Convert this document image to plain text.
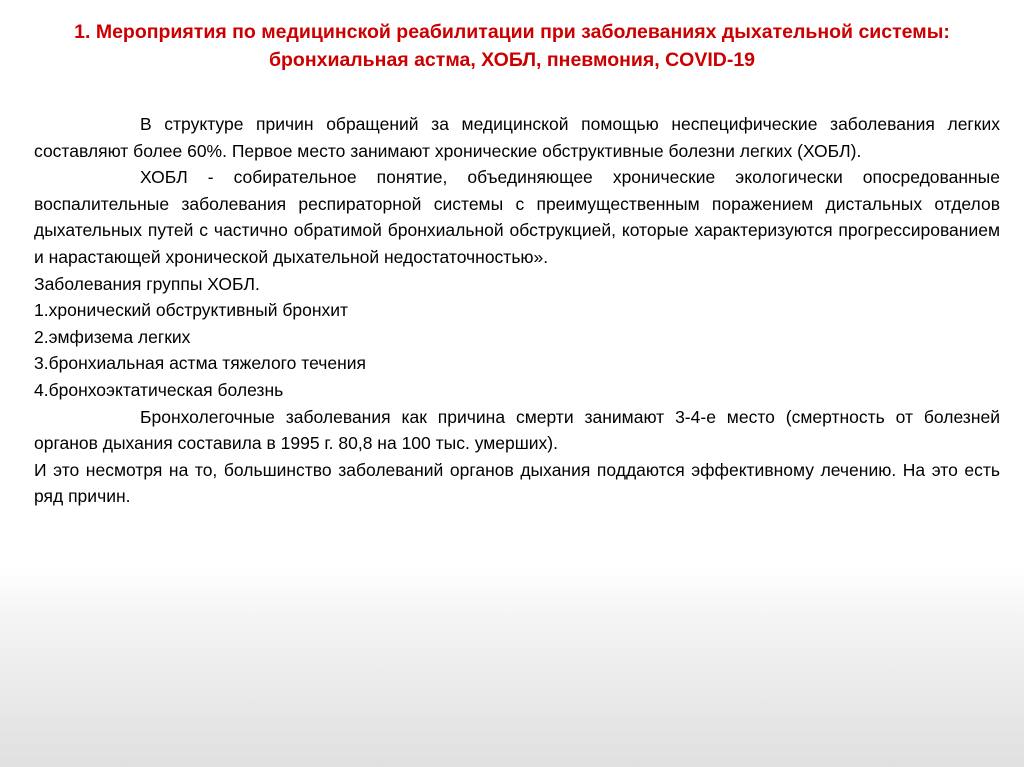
1. Мероприятия по медицинской реабилитации при заболеваниях дыхательной системы: бронхиальная астма, ХОБЛ, пневмония, COVID-19

В структуре причин обращений за медицинской помощью неспецифические заболевания легких составляют более 60%. Первое место занимают хронические обструктивные болезни легких (ХОБЛ).

ХОБЛ - собирательное понятие, объединяющее хронические экологически опосредованные воспалительные заболевания респираторной системы с преимущественным поражением дистальных отделов дыхательных путей с частично обратимой бронхиальной обструкцией, которые характеризуются прогрессированием и нарастающей хронической дыхательной недостаточностью».

Заболевания группы ХОБЛ.

1.хронический обструктивный бронхит

2.эмфизема легких

3.бронхиальная астма тяжелого течения

4.бронхоэктатическая болезнь

Бронхолегочные заболевания как причина смерти занимают 3-4-е место (смертность от болезней органов дыхания составила в 1995 г. 80,8 на 100 тыс. умерших).

И это несмотря на то, большинство заболеваний органов дыхания поддаются эффективному лечению. На это есть ряд причин.
